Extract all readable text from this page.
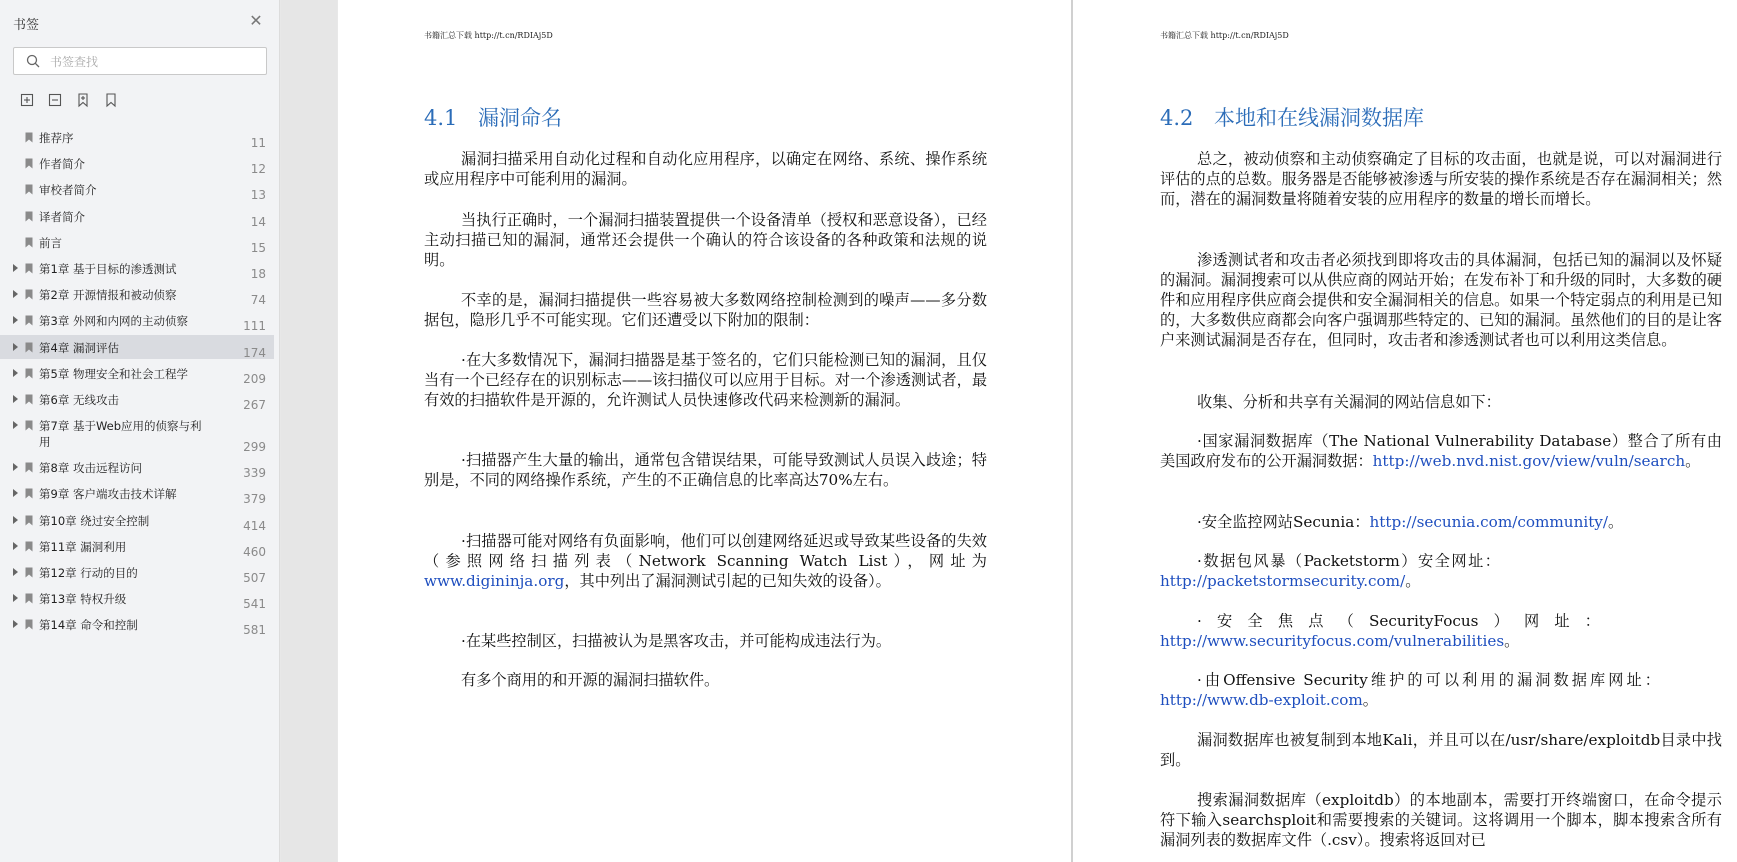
书签	✕
书签查找
推荐序	11
作者简介	12
审校者简介	13
译者简介	14
前言	15
第1章 基于目标的渗透测试	18
第2章 开源情报和被动侦察	74
第3章 外网和内网的主动侦察	111
第4章 漏洞评估	174
第5章 物理安全和社会工程学	209
第6章 无线攻击	267
第7章 基于Web应用的侦察与利用	299
第8章 攻击远程访问	339
第9章 客户端攻击技术详解	379
第10章 绕过安全控制	414
第11章 漏洞利用	460
第12章 行动的目的	507
第13章 特权升级	541
第14章 命令和控制	581
书籍汇总下载 http://t.cn/RDIAj5D
4.1 漏洞命名

漏洞扫描采用自动化过程和自动化应用程序，以确定在网络、系统、操作系统或应用程序中可能利用的漏洞。

当执行正确时，一个漏洞扫描装置提供一个设备清单（授权和恶意设备），已经主动扫描已知的漏洞，通常还会提供一个确认的符合该设备的各种政策和法规的说明。

不幸的是，漏洞扫描提供一些容易被大多数网络控制检测到的噪声——多分数据包，隐形几乎不可能实现。它们还遭受以下附加的限制：

·在大多数情况下，漏洞扫描器是基于签名的，它们只能检测已知的漏洞，且仅当有一个已经存在的识别标志——该扫描仪可以应用于目标。对一个渗透测试者，最有效的扫描软件是开源的，允许测试人员快速修改代码来检测新的漏洞。

·扫描器产生大量的输出，通常包含错误结果，可能导致测试人员误入歧途；特别是，不同的网络操作系统，产生的不正确信息的比率高达70%左右。

·扫描器可能对网络有负面影响，他们可以创建网络延迟或导致某些设备的失效（参照网络扫描列表（Network Scanning Watch List），网址为www.digininja.org，其中列出了漏洞测试引起的已知失效的设备）。

·在某些控制区，扫描被认为是黑客攻击，并可能构成违法行为。

有多个商用的和开源的漏洞扫描软件。

书籍汇总下载 http://t.cn/RDIAj5D
4.2 本地和在线漏洞数据库

总之，被动侦察和主动侦察确定了目标的攻击面，也就是说，可以对漏洞进行评估的点的总数。服务器是否能够被渗透与所安装的操作系统是否存在漏洞相关；然而，潜在的漏洞数量将随着安装的应用程序的数量的增长而增长。

渗透测试者和攻击者必须找到即将攻击的具体漏洞，包括已知的漏洞以及怀疑的漏洞。漏洞搜索可以从供应商的网站开始；在发布补丁和升级的同时，大多数的硬件和应用程序供应商会提供和安全漏洞相关的信息。如果一个特定弱点的利用是已知的，大多数供应商都会向客户强调那些特定的、已知的漏洞。虽然他们的目的是让客户来测试漏洞是否存在，但同时，攻击者和渗透测试者也可以利用这类信息。

收集、分析和共享有关漏洞的网站信息如下：

·国家漏洞数据库（The National Vulnerability Database）整合了所有由美国政府发布的公开漏洞数据：http://web.nvd.nist.gov/view/vuln/search。

·安全监控网站Secunia：http://secunia.com/community/。

·数据包风暴（Packetstorm）安全网址：http://packetstormsecurity.com/。

·安全焦点（SecurityFocus）网址：http://www.securityfocus.com/vulnerabilities。

·由Offensive Security维护的可以利用的漏洞数据库网址：http://www.db-exploit.com。

漏洞数据库也被复制到本地Kali，并且可以在/usr/share/exploitdb目录中找到。

搜索漏洞数据库（exploitdb）的本地副本，需要打开终端窗口，在命令提示符下输入searchsploit和需要搜索的关键词。这将调用一个脚本，脚本搜索含所有漏洞列表的数据库文件（.csv）。搜索将返回对已
